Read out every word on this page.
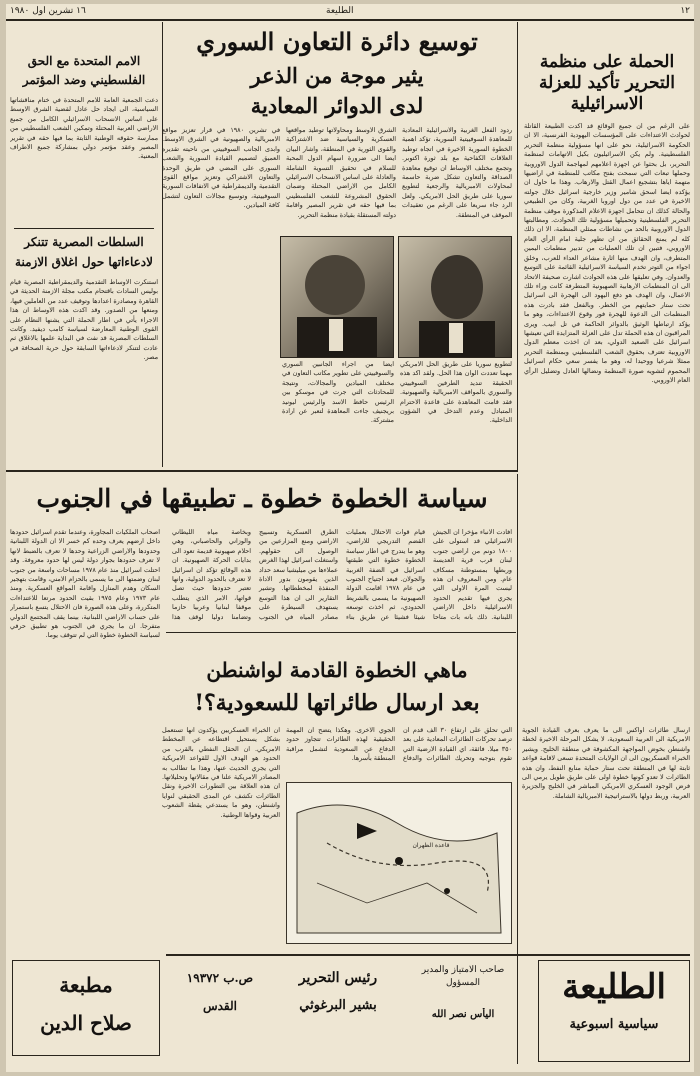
١٢
الطليعة
١٦ تشرين اول ١٩٨٠
الحملة على منظمة التحرير تأكيد للعزلة الاسرائيلية
على الرغم من ان جميع الوقائع قد اكدت الطبيعة القاتلة لحوادث الاعتداءات على المؤسسات اليهودية الفرنسية، الا ان الحكومة الاسرائيلية، نحو على انها مسؤولية منظمة التحرير الفلسطينية. ولم يكن الاسرائيليون بكيل الاتهامات لمنظمة التحرير، بل بحثوا عن اجهزة اعلامهم لمهاجمة الدول الاوروبية وحملها تبعات التي سمحت بفتح مكاتب للمنظمة في اراضيها متهمة اياها بتشجيع اعمال القتل والارهاب. وهذا ما حاول ان يؤكده ايضا اسحق شامير وزير خارجية اسرائيل خلال جولته الاخيرة في عدد من دول اوروبا الغربية، وكان من الطبيعي والحالة كذلك ان تتحامل اجهزة الاعلام المذكورة موقف منظمة التحرير الفلسطينية وتحميلها مسؤولية تلك الحوادث. ومطالبتها الدول الاوروبية بالحد من نشاطات ممثلي المنظمة، الا ان ذلك كله لم يمنع الحقائق من ان تظهر جلية امام الرأي العام الاوروبي، فتبين ان تلك العمليات من تدبير منظمات اليمين المتطرف، وان الهدف منها اثارة مشاعر العداء للعرب، وخلق اجواء من التوتر تخدم السياسة الاسرائيلية القائمة على التوسع والعدوان. وفي تعليقها على هذه الحوادث اشارت صحيفة الاتحاد الى ان المنظمات الارهابية الصهيونية المتطرفة كانت وراء تلك الاعمال، وان الهدف هو دفع اليهود الى الهجرة الى اسرائيل تحت ستار حمايتهم من الخطر. وبالفعل فقد بادرت هذه المنظمات الى الدعوة للهجرة فور وقوع الاعتداءات، وهو ما يؤكد ارتباطها الوثيق بالدوائر الحاكمة في تل ابيب. ويرى المراقبون ان هذه الحملة تدل على العزلة المتزايدة التي تعيشها اسرائيل على الصعيد الدولي، بعد ان اخذت معظم الدول الاوروبية تعترف بحقوق الشعب الفلسطيني وبمنظمة التحرير ممثلا شرعيا ووحيدا له، وهو ما يفسر سعي حكام اسرائيل المحموم لتشويه صورة المنظمة ونضالها العادل وتضليل الرأي العام الاوروبي.
توسيع دائرة التعاون السوري
يثير موجة من الذعر
لدى الدوائر المعادية
ردود الفعل الغربية والاسرائيلية المعادية للمعاهدة السوفييتية السورية، تؤكد اهمية الخطوة السورية الاخيرة في اتجاه توطيد العلاقات الكفاحية مع بلد ثورة اكتوبر. وتجمع مختلف الاوساط ان توقيع معاهدة الصداقة والتعاون تشكل ضربة حاسمة لمحاولات الامبريالية والرجعية لتطويع سوريا على طريق الحل الامريكي. ولعل الرد جاء سريعا على الرغم من تعقيدات الموقف في المنطقة.
الشرق الاوسط ومحاولاتها توطيد مواقعها العسكرية والسياسية ضد الاشتراكية والقوى الثورية في المنطقة، واشار البيان ايضا الى ضرورة اسهام الدول المحبة للسلام في تحقيق التسوية الشاملة والعادلة على اساس الانسحاب الاسرائيلي الكامل من الاراضي المحتلة وضمان الحقوق المشروعة للشعب الفلسطيني بما فيها حقه في تقرير المصير واقامة دولته المستقلة بقيادة منظمة التحرير.
في تشرين ١٩٨٠ في قرار تعزيز مواقع الامبريالية والصهيونية في الشرق الاوسط. وابدى الجانب السوفييتي من ناحيته تقديره العميق لتصميم القيادة السورية والشعب السوري على المضي في طريق الوحدة والتعاون الاشتراكي وتعزيز مواقع القوى التقدمية والديمقراطية في الاتفاقات السورية السوفييتية، وتوسيع مجالات التعاون لتشمل كافة الميادين.
لتطويع سوريا على طريق الحل الامريكي مهما تعددت الوان هذا الحل. ولقد اكد هذه الحقيقة تنديد الطرفين السوفييتي والسوري بالمواقف الامبريالية والصهيونية. فقد قامت المعاهدة على قاعدة الاحترام المتبادل وعدم التدخل في الشؤون الداخلية.
ايضا من اجراء الجانبين السوري والسوفييتي على تطوير مكاتب التعاون في مختلف الميادين والمجالات، ونتيجة للمحادثات التي جرت في موسكو بين الرئيس حافظ الاسد والرئيس ليونيد بريجنيف جاءت المعاهدة لتعبر عن ارادة مشتركة.
الامم المتحدة مع الحق الفلسطيني وضد المؤتمر
دعت الجمعية العامة للامم المتحدة في ختام مناقشاتها السياسية، الى ايجاد حل عادل لقضية الشرق الاوسط على اساس الانسحاب الاسرائيلي الكامل من جميع الاراضي العربية المحتلة وتمكين الشعب الفلسطيني من ممارسة حقوقه الوطنية الثابتة بما فيها حقه في تقرير المصير وعقد مؤتمر دولي بمشاركة جميع الاطراف المعنية.
السلطات المصرية تتنكر لادعاءاتها حول اغلاق الازمنة
استنكرت الاوساط التقدمية والديمقراطية المصرية قيام بوليس السادات باقتحام مكتب مجلة الازمنة الحديثة في القاهرة ومصادرة اعدادها وتوقيف عدد من العاملين فيها، ومنعها من الصدور. وقد اكدت هذه الاوساط ان هذا الاجراء يأتي في اطار الحملة التي يشنها النظام على القوى الوطنية المعارضة لسياسة كامب ديفيد. وكانت السلطات المصرية قد نفت في البداية علمها بالاغلاق ثم عادت لتتنكر لادعاءاتها السابقة حول حرية الصحافة في مصر.
سياسة الخطوة خطوة ـ تطبيقها في الجنوب
افادت الانباء مؤخرا ان الجيش الاسرائيلي قد استولى على ١٨٠٠ دونم من اراضي جنوب لبنان قرب قرية العديسة وربطها بمستوطنة مسكاف عام. ومن المعروف ان هذه ليست المرة الاولى التي يجري فيها تقديم الحدود الاسرائيلية داخل الاراضي اللبنانية. ذلك بانه بات متاحا قيام قوات الاحتلال بعمليات القضم التدريجي للاراضي، وهو ما يندرج في اطار سياسة الخطوة خطوة التي طبقتها اسرائيل في الضفة الغربية والجولان. فبعد اجتياح الجنوب في عام ١٩٧٨ اقامت الدولة الصهيونية ما يسمى بالشريط الحدودي، ثم اخذت توسعه شيئا فشيئا عن طريق بناء الطرق العسكرية وتسييج الاراضي ومنع المزارعين من الوصول الى حقولهم. واستغلت اسرائيل لهذا الغرض عملاءها من ميليشيا سعد حداد الذين يقومون بدور الاداة المنفذة لمخططاتها. وتشير التقارير الى ان هذا التوسع يستهدف السيطرة على مصادر المياه في الجنوب وبخاصة مياه الليطاني والوزاني والحاصباني، وهي احلام صهيونية قديمة تعود الى بدايات الحركة الصهيونية. ان هذه الوقائع تؤكد ان اسرائيل لا تعترف بالحدود الدولية، وانها تعتبر حدودها حيث تصل قواتها، الامر الذي يتطلب موقفا لبنانيا وعربيا حازما وتضامنا دوليا لوقف هذا
اصحاب الملكيات المجاورة، وعندما تقدم اسرائيل حدودها داخل ارضهم يعرف وحده كم خسر الا ان الدولة اللبنانية وحدودها والاراضي الزراعية وحدها لا تعرف بالضبط لانها لا تعرف حدودها بجوار دولة ليس لها حدود معروفة. وقد احتلت اسرائيل منذ عام ١٩٧٨ مساحات واسعة من جنوب لبنان وضمتها الى ما يسمى بالحزام الامني، وقامت بتهجير السكان وهدم المنازل واقامة المواقع العسكرية. ومنذ عام ١٩٧٣ وعام ١٩٧٥ بقيت الحدود مرتعا للاعتداءات المتكررة، وعلى هذه الصورة فان الاحتلال يتسع باستمرار على حساب الاراضي اللبنانية، بينما يقف المجتمع الدولي متفرجا. ان ما يجري في الجنوب هو تطبيق حرفي لسياسة الخطوة خطوة التي لم تتوقف يوما.
ماهي الخطوة القادمة لواشنطن
بعد ارسال طائراتها للسعودية؟!
ارسال طائرات اواكس الى ما يعرف بعرف القيادة الجوية الامريكية الى العربية السعودية، لا يشكل المرحلة الاخيرة لخطة واشنطن بخوض المواجهة المكشوفة في منطقة الخليج. ويشير الخبراء العسكريون الى ان الولايات المتحدة تسعى لاقامة قواعد ثابتة لها في المنطقة تحت ستار حماية منابع النفط، وان هذه الطائرات لا تعدو كونها خطوة اولى على طريق طويل يرمي الى فرض الوجود العسكري الامريكي المباشر في الخليج والجزيرة العربية، وربط دولها بالاستراتيجية الامبريالية الشاملة.
التي تحلق على ارتفاع ٣٠ الف قدم ان ترصد تحركات الطائرات المعادية على بعد ٣٥٠ ميلا. فائقة، اي القيادة الارضية التي تقوم بتوجيه وتحريك الطائرات والدفاع الجوي الاخرى. وهكذا يتضح ان المهمة الحقيقية لهذه الطائرات تتجاوز حدود الدفاع عن السعودية لتشمل مراقبة المنطقة بأسرها.
ان الخبراء العسكريين يؤكدون انها تستعمل بشكل يستحيل اقتطاعه عن المخطط الامريكي. ان الحقل النفطي بالقرب من الحدود هو الهدف الاول للقواعد الامريكية التي يجري الحديث عنها، وهذا ما تطالب به المصادر الامريكية علنا في مقالاتها وتحليلاتها. ان هذه العلاقة بين التطورات الاخيرة ونقل الطائرات تكشف عن المدى الحقيقي لنوايا واشنطن، وهو ما يستدعي يقظة الشعوب العربية وقواها الوطنية.
قاعدة الظهران
الطليعة
سياسية اسبوعية
صاحب الامتياز والمدير المسؤول
اليأس نصر الله
رئيس التحرير
بشير البرغوثي
ص.ب ١٩٣٧٢
القدس
مطبعة
صلاح الدين
